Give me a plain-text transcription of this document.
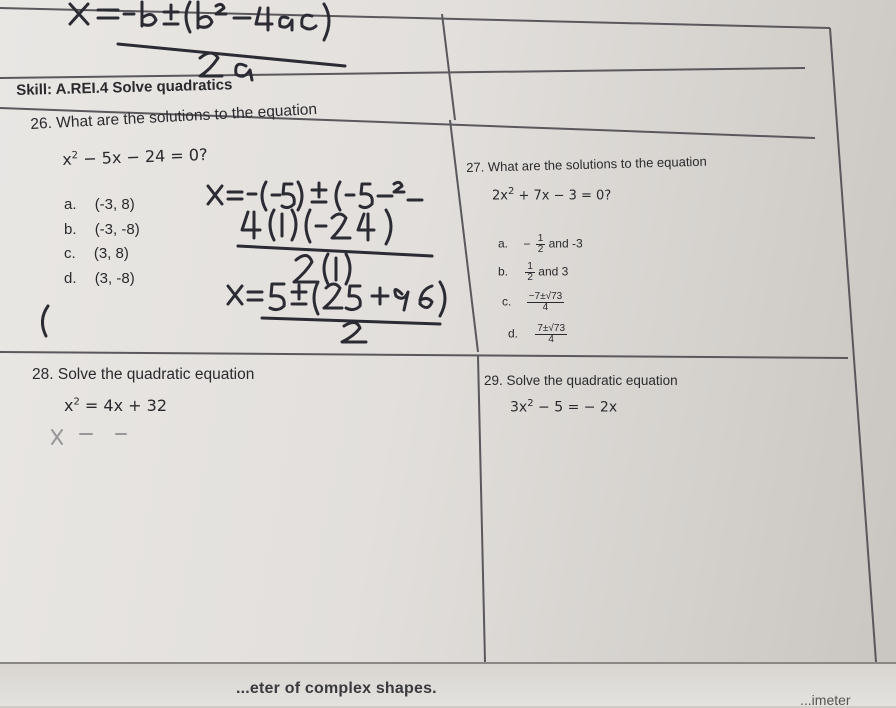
Skill: A.REI.4 Solve quadratics
26. What are the solutions to the equation
$x^2 - 5x - 24 = 0$?
a. (-3, 8)
b. (-3, -8)
c. (3, 8)
d. (3, -8)
27. What are the solutions to the equation
$2x^2 + 7x - 3 = 0$?
a. − $\frac{1}{2}$ and -3
b. $\frac{1}{2}$ and 3
c. $\frac{-7\pm√73}{4}$
d. $\frac{7\pm√73}{4}$
28. Solve the quadratic equation
$x^2 = 4x + 32$
29. Solve the quadratic equation
$3x^2 - 5$ = − 2x
...eter of complex shapes.
...imeter
